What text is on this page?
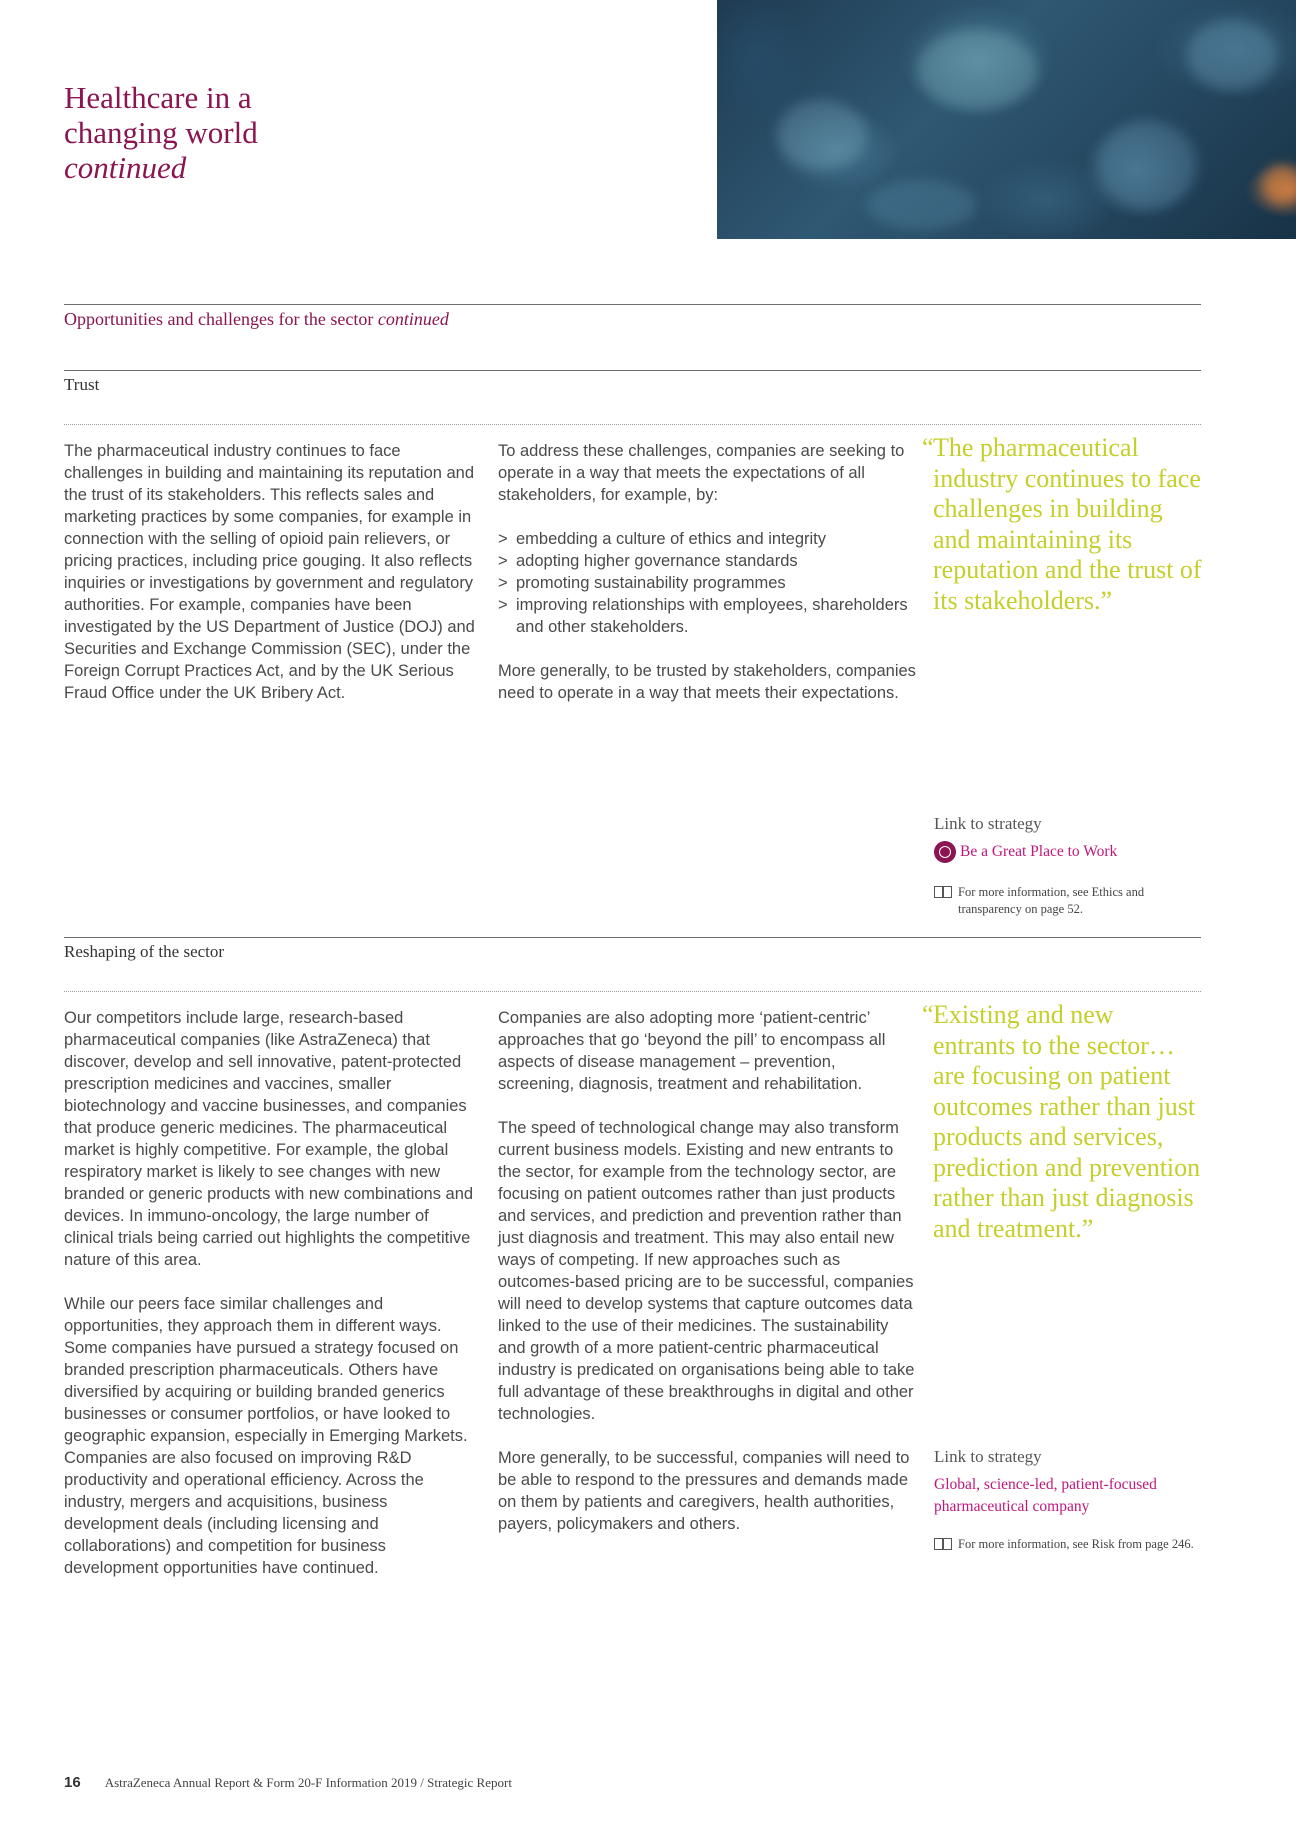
Healthcare in a
changing world
continued
Opportunities and challenges for the sector continued
Trust

The pharmaceutical industry continues to face challenges in building and maintaining its reputation and the trust of its stakeholders. This reflects sales and marketing practices by some companies, for example in connection with the selling of opioid pain relievers, or pricing practices, including price gouging. It also reflects inquiries or investigations by government and regulatory authorities. For example, companies have been investigated by the US Department of Justice (DOJ) and Securities and Exchange Commission (SEC), under the Foreign Corrupt Practices Act, and by the UK Serious Fraud Office under the UK Bribery Act.

To address these challenges, companies are seeking to operate in a way that meets the expectations of all stakeholders, for example, by:

> embedding a culture of ethics and integrity
> adopting higher governance standards
> promoting sustainability programmes
> improving relationships with employees, shareholders and other stakeholders.

More generally, to be trusted by stakeholders, companies need to operate in a way that meets their expectations.

“ The pharmaceutical industry continues to face challenges in building and maintaining its reputation and the trust of its stakeholders.”
Link to strategy
Be a Great Place to Work
For more information, see Ethics and transparency on page 52.
Reshaping of the sector

Our competitors include large, research-based pharmaceutical companies (like AstraZeneca) that discover, develop and sell innovative, patent-protected prescription medicines and vaccines, smaller biotechnology and vaccine businesses, and companies that produce generic medicines. The pharmaceutical market is highly competitive. For example, the global respiratory market is likely to see changes with new branded or generic products with new combinations and devices. In immuno-oncology, the large number of clinical trials being carried out highlights the competitive nature of this area.

While our peers face similar challenges and opportunities, they approach them in different ways. Some companies have pursued a strategy focused on branded prescription pharmaceuticals. Others have diversified by acquiring or building branded generics businesses or consumer portfolios, or have looked to geographic expansion, especially in Emerging Markets. Companies are also focused on improving R&D productivity and operational efficiency. Across the industry, mergers and acquisitions, business development deals (including licensing and collaborations) and competition for business development opportunities have continued.

Companies are also adopting more ‘patient-centric’ approaches that go ‘beyond the pill’ to encompass all aspects of disease management – prevention, screening, diagnosis, treatment and rehabilitation.

The speed of technological change may also transform current business models. Existing and new entrants to the sector, for example from the technology sector, are focusing on patient outcomes rather than just products and services, and prediction and prevention rather than just diagnosis and treatment. This may also entail new ways of competing. If new approaches such as outcomes-based pricing are to be successful, companies will need to develop systems that capture outcomes data linked to the use of their medicines. The sustainability and growth of a more patient-centric pharmaceutical industry is predicated on organisations being able to take full advantage of these breakthroughs in digital and other technologies.

More generally, to be successful, companies will need to be able to respond to the pressures and demands made on them by patients and caregivers, health authorities, payers, policymakers and others.

“ Existing and new entrants to the sector… are focusing on patient outcomes rather than just products and services, prediction and prevention rather than just diagnosis and treatment.”
Link to strategy
Global, science-led, patient-focused pharmaceutical company
For more information, see Risk from page 246.
16 AstraZeneca Annual Report & Form 20-F Information 2019 / Strategic Report
